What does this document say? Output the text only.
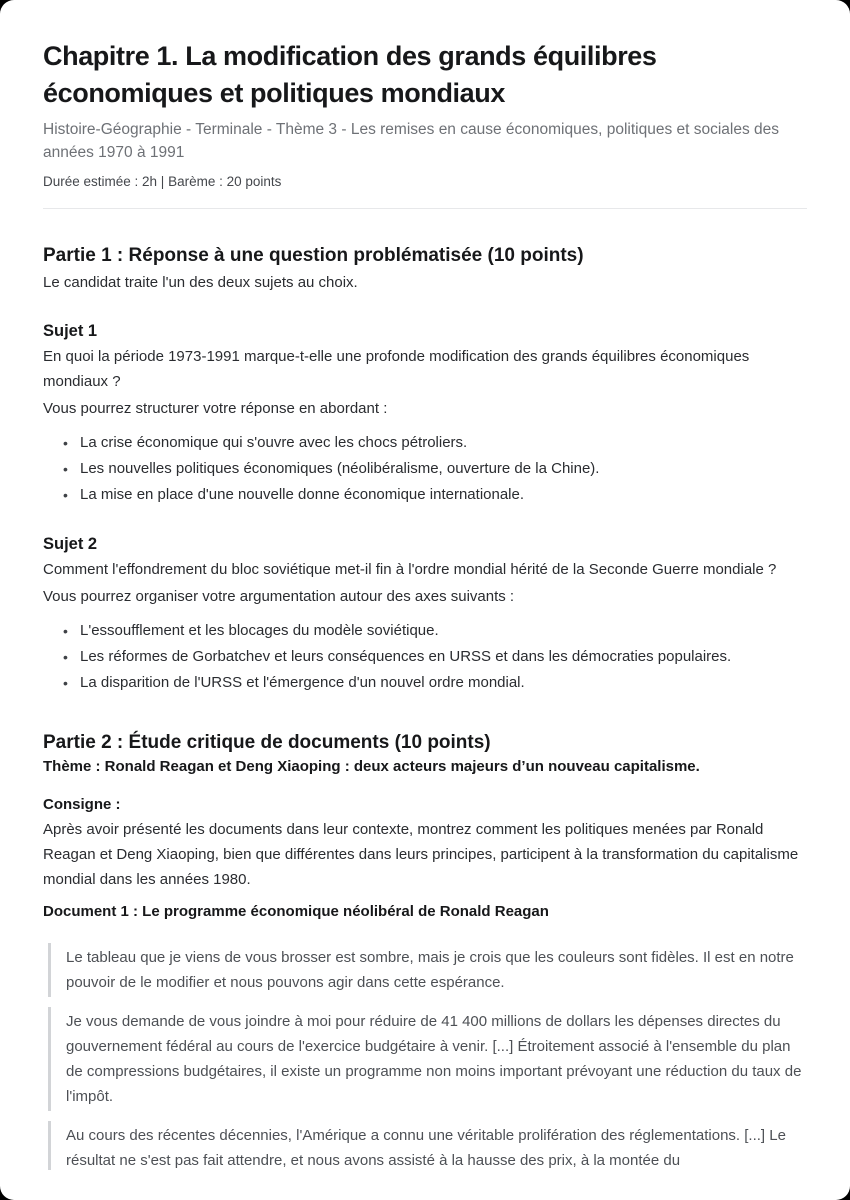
Chapitre 1. La modification des grands équilibres économiques et politiques mondiaux

Histoire-Géographie - Terminale - Thème 3 - Les remises en cause économiques, politiques et sociales des années 1970 à 1991

Durée estimée : 2h | Barème : 20 points

Partie 1 : Réponse à une question problématisée (10 points)

Le candidat traite l'un des deux sujets au choix.

Sujet 1

En quoi la période 1973-1991 marque-t-elle une profonde modification des grands équilibres économiques mondiaux ?

Vous pourrez structurer votre réponse en abordant :

• La crise économique qui s'ouvre avec les chocs pétroliers.
• Les nouvelles politiques économiques (néolibéralisme, ouverture de la Chine).
• La mise en place d'une nouvelle donne économique internationale.
Sujet 2

Comment l'effondrement du bloc soviétique met-il fin à l'ordre mondial hérité de la Seconde Guerre mondiale ?

Vous pourrez organiser votre argumentation autour des axes suivants :

• L'essoufflement et les blocages du modèle soviétique.
• Les réformes de Gorbatchev et leurs conséquences en URSS et dans les démocraties populaires.
• La disparition de l'URSS et l'émergence d'un nouvel ordre mondial.
Partie 2 : Étude critique de documents (10 points)

Thème : Ronald Reagan et Deng Xiaoping : deux acteurs majeurs d’un nouveau capitalisme.

Consigne :

Après avoir présenté les documents dans leur contexte, montrez comment les politiques menées par Ronald Reagan et Deng Xiaoping, bien que différentes dans leurs principes, participent à la transformation du capitalisme mondial dans les années 1980.

Document 1 : Le programme économique néolibéral de Ronald Reagan

Le tableau que je viens de vous brosser est sombre, mais je crois que les couleurs sont fidèles. Il est en notre pouvoir de le modifier et nous pouvons agir dans cette espérance.

Je vous demande de vous joindre à moi pour réduire de 41 400 millions de dollars les dépenses directes du gouvernement fédéral au cours de l'exercice budgétaire à venir. [...] Étroitement associé à l'ensemble du plan de compressions budgétaires, il existe un programme non moins important prévoyant une réduction du taux de l'impôt.

Au cours des récentes décennies, l'Amérique a connu une véritable prolifération des réglementations. [...] Le résultat ne s'est pas fait attendre, et nous avons assisté à la hausse des prix, à la montée du
